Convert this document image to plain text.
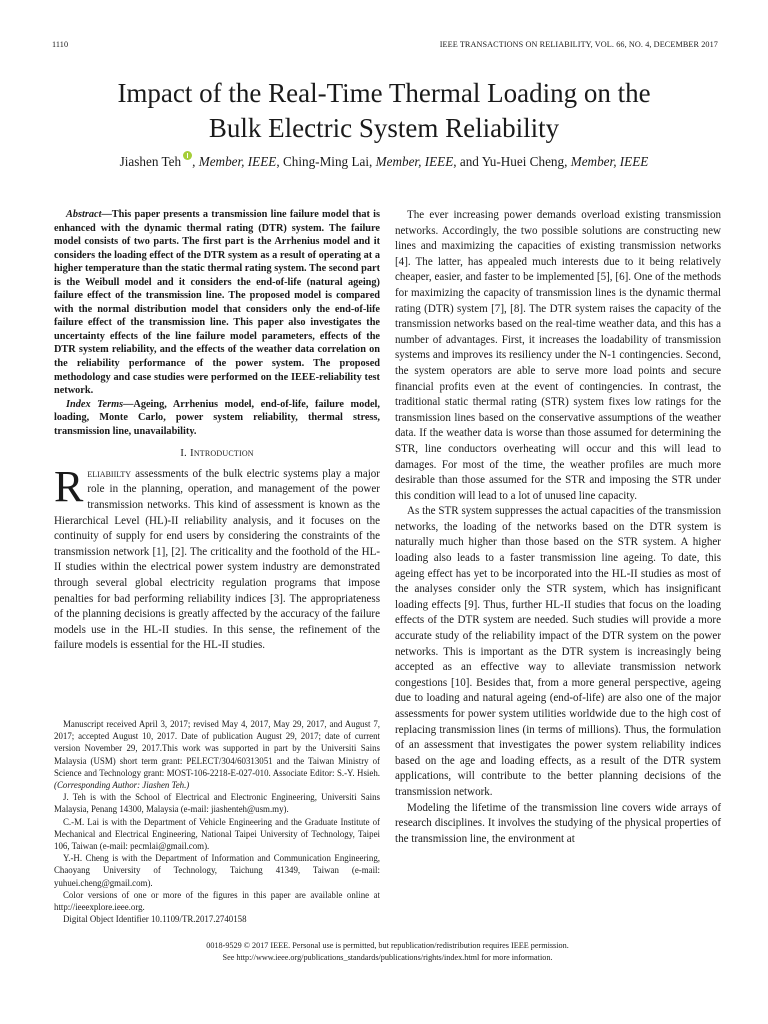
1110	IEEE TRANSACTIONS ON RELIABILITY, VOL. 66, NO. 4, DECEMBER 2017
Impact of the Real-Time Thermal Loading on the
Bulk Electric System Reliability
Jiashen Teh , Member, IEEE, Ching-Ming Lai, Member, IEEE, and Yu-Huei Cheng, Member, IEEE

Abstract—This paper presents a transmission line failure model that is enhanced with the dynamic thermal rating (DTR) system. The failure model consists of two parts. The first part is the Arrhenius model and it considers the loading effect of the DTR system as a result of operating at a higher temperature than the static thermal rating system. The second part is the Weibull model and it considers the end-of-life (natural ageing) failure effect of the transmission line. The proposed model is compared with the normal distribution model that considers only the end-of-life failure effect of the transmission line. This paper also investigates the uncertainty effects of the line failure model parameters, effects of the DTR system reliability, and the effects of the weather data correlation on the reliability performance of the power system. The proposed methodology and case studies were performed on the IEEE-reliability test network.

Index Terms—Ageing, Arrhenius model, end-of-life, failure model, loading, Monte Carlo, power system reliability, thermal stress, transmission line, unavailability.

I. Introduction

Reliabiilty assessments of the bulk electric systems play a major role in the planning, operation, and management of the power transmission networks. This kind of assessment is known as the Hierarchical Level (HL)-II reliability analysis, and it focuses on the continuity of supply for end users by considering the constraints of the transmission network [1], [2]. The criticality and the foothold of the HL-II studies within the electrical power system industry are demonstrated through several global electricity regulation programs that impose penalties for bad performing reliability indices [3]. The appropriateness of the planning decisions is greatly affected by the accuracy of the failure models use in the HL-II studies. In this sense, the refinement of the failure models is essential for the HL-II studies.

Manuscript received April 3, 2017; revised May 4, 2017, May 29, 2017, and August 7, 2017; accepted August 10, 2017. Date of publication August 29, 2017; date of current version November 29, 2017.This work was supported in part by the Universiti Sains Malaysia (USM) short term grant: PELECT/304/60313051 and the Taiwan Ministry of Science and Technology grant: MOST-106-2218-E-027-010. Associate Editor: S.-Y. Hsieh. (Corresponding Author: Jiashen Teh.)

J. Teh is with the School of Electrical and Electronic Engineering, Universiti Sains Malaysia, Penang 14300, Malaysia (e-mail: jiashenteh@usm.my).

C.-M. Lai is with the Department of Vehicle Engineering and the Graduate Institute of Mechanical and Electrical Engineering, National Taipei University of Technology, Taipei 106, Taiwan (e-mail: pecmlai@gmail.com).

Y.-H. Cheng is with the Department of Information and Communication Engineering, Chaoyang University of Technology, Taichung 41349, Taiwan (e-mail: yuhuei.cheng@gmail.com).

Color versions of one or more of the figures in this paper are available online at http://ieeexplore.ieee.org.

Digital Object Identifier 10.1109/TR.2017.2740158

The ever increasing power demands overload existing transmission networks. Accordingly, the two possible solutions are constructing new lines and maximizing the capacities of existing transmission networks [4]. The latter, has appealed much interests due to it being relatively cheaper, easier, and faster to be implemented [5], [6]. One of the methods for maximizing the capacity of transmission lines is the dynamic thermal rating (DTR) system [7], [8]. The DTR system raises the capacity of the transmission networks based on the real-time weather data, and this has a number of advantages. First, it increases the loadability of transmission systems and improves its resiliency under the N-1 contingencies. Second, the system operators are able to serve more load points and secure financial profits even at the event of contingencies. In contrast, the traditional static thermal rating (STR) system fixes low ratings for the transmission lines based on the conservative assumptions of the weather data. If the weather data is worse than those assumed for determining the STR, line conductors overheating will occur and this will lead to damages. For most of the time, the weather profiles are much more desirable than those assumed for the STR and imposing the STR under this condition will lead to a lot of unused line capacity.

As the STR system suppresses the actual capacities of the transmission networks, the loading of the networks based on the DTR system is naturally much higher than those based on the STR system. A higher loading also leads to a faster transmission line ageing. To date, this ageing effect has yet to be incorporated into the HL-II studies as most of the analyses consider only the STR system, which has insignificant loading effects [9]. Thus, further HL-II studies that focus on the loading effects of the DTR system are needed. Such studies will provide a more accurate study of the reliability impact of the DTR system on the power networks. This is important as the DTR system is increasingly being accepted as an effective way to alleviate transmission network congestions [10]. Besides that, from a more general perspective, ageing due to loading and natural ageing (end-of-life) are also one of the major assessments for power system utilities worldwide due to the high cost of replacing transmission lines (in terms of millions). Thus, the formulation of an assessment that investigates the power system reliability indices based on the age and loading effects, as a result of the DTR system applications, will contribute to the better planning decisions of the transmission network.

Modeling the lifetime of the transmission line covers wide arrays of research disciplines. It involves the studying of the physical properties of the transmission line, the environment at

0018-9529 © 2017 IEEE. Personal use is permitted, but republication/redistribution requires IEEE permission.
See http://www.ieee.org/publications_standards/publications/rights/index.html for more information.
